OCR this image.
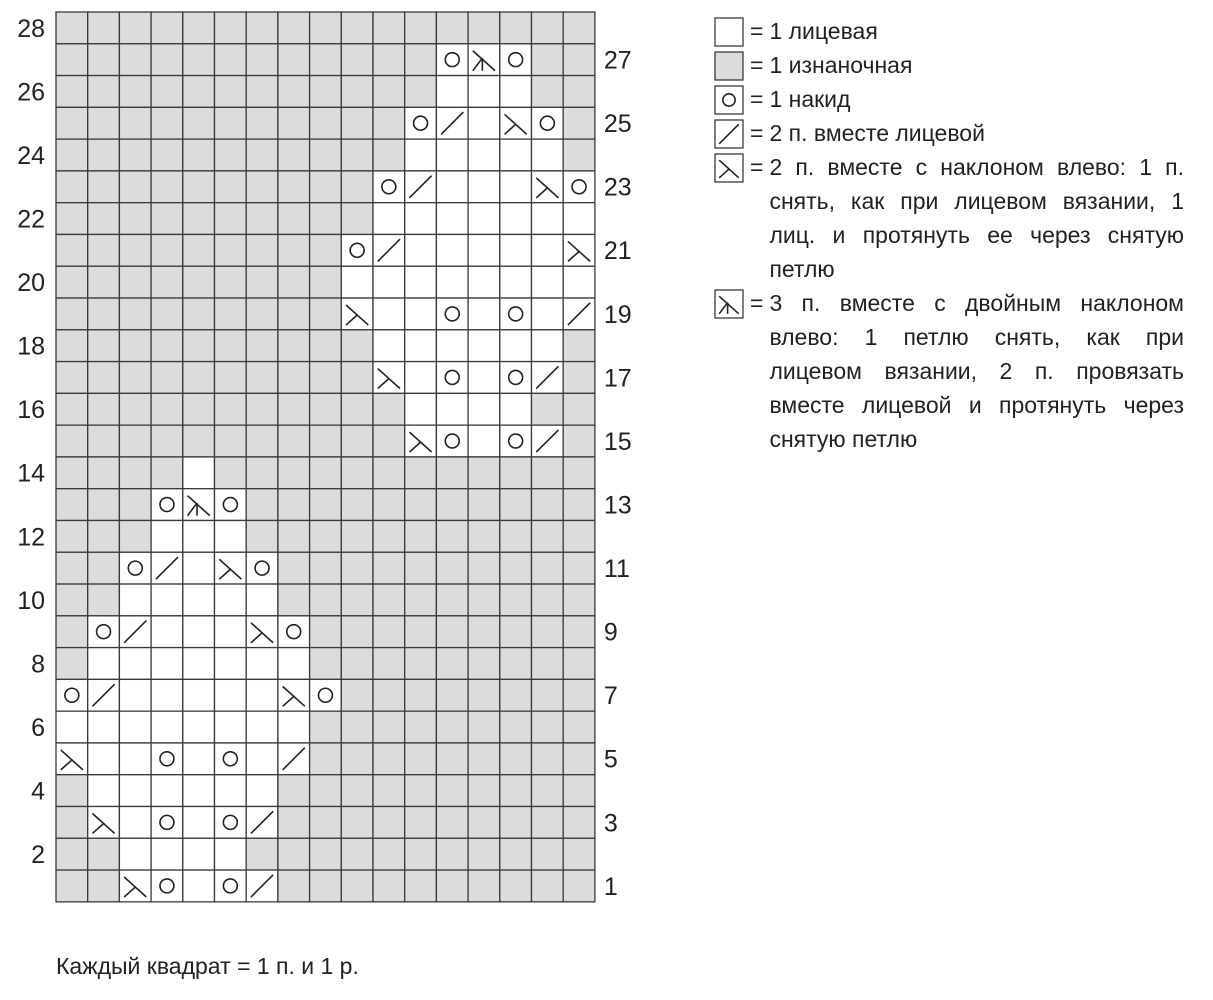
28
26
24
22
20
18
16
14
12
10
8
6
4
2
27
25
23
21
19
17
15
13
11
9
7
5
3
1
= 1 лицевая
= 1 изнаночная
= 1 накид
= 2 п. вместе лицевой
= 2 п. вместе с наклоном влево: 1 п. снять, как при лицевом вязании, 1 лиц. и протянуть ее через снятую петлю
= 3 п. вместе с двойным наклоном влево: 1 петлю снять, как при лицевом вязании, 2 п. провязать вместе лицевой и протянуть через снятую петлю
Каждый квадрат = 1 п. и 1 р.
